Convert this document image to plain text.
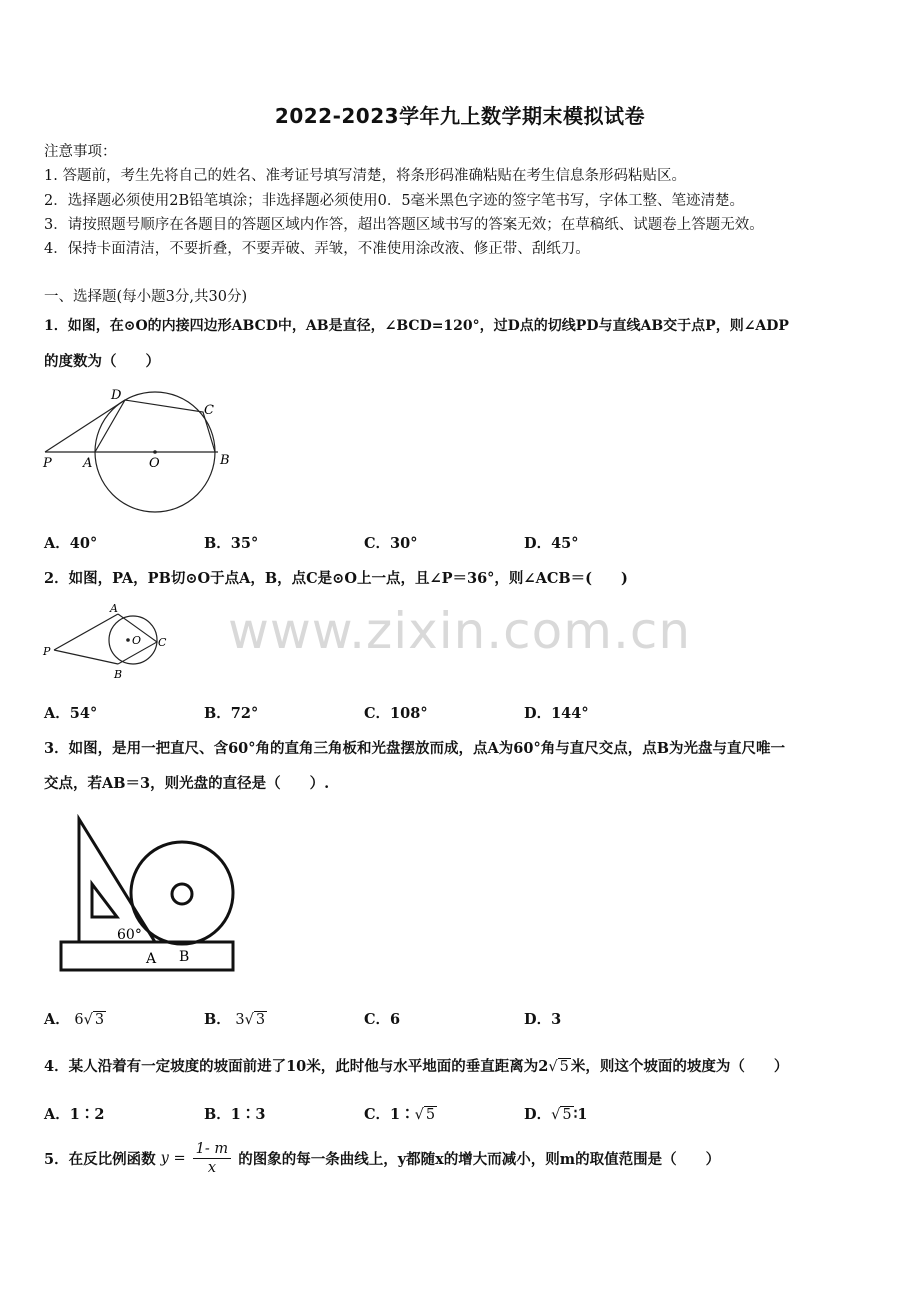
2022-2023学年九上数学期末模拟试卷
注意事项：
1. 答题前，考生先将自己的姓名、准考证号填写清楚，将条形码准确粘贴在考生信息条形码粘贴区。
2．选择题必须使用2B铅笔填涂；非选择题必须使用0．5毫米黑色字迹的签字笔书写，字体工整、笔迹清楚。
3．请按照题号顺序在各题目的答题区域内作答，超出答题区域书写的答案无效；在草稿纸、试题卷上答题无效。
4．保持卡面清洁，不要折叠，不要弄破、弄皱，不准使用涂改液、修正带、刮纸刀。
一、选择题(每小题3分,共30分)
1．如图，在⊙O的内接四边形ABCD中，AB是直径，∠BCD=120°，过D点的切线PD与直线AB交于点P，则∠ADP
的度数为（　　）
D
C
P A	O	B
A．40°	B．35°	C．30°	D．45°
2．如图，PA，PB切⊙O于点A，B，点C是⊙O上一点，且∠P＝36°，则∠ACB＝(　　)
A
O C
P
B
A．54°	B．72°	C．108°	D．144°
3．如图，是用一把直尺、含60°角的直角三角板和光盘摆放而成，点A为60°角与直尺交点，点B为光盘与直尺唯一
交点，若AB＝3，则光盘的直径是（　　）.
60°
A B
A． 6√ 3	B． 3√ 3	C．6	D．3
4．某人沿着有一定坡度的坡面前进了10米，此时他与水平地面的垂直距离为2√ 5 米，则这个坡面的坡度为（　　）
A．1∶2	B．1∶3	C．1∶√ 5	D．√ 5 ∶1
5．在反比例函数 $y = \frac{1- m}{x}$ 的图象的每一条曲线上，y都随x的增大而减小，则m的取值范围是（　　）
www.zixin.com.cn
